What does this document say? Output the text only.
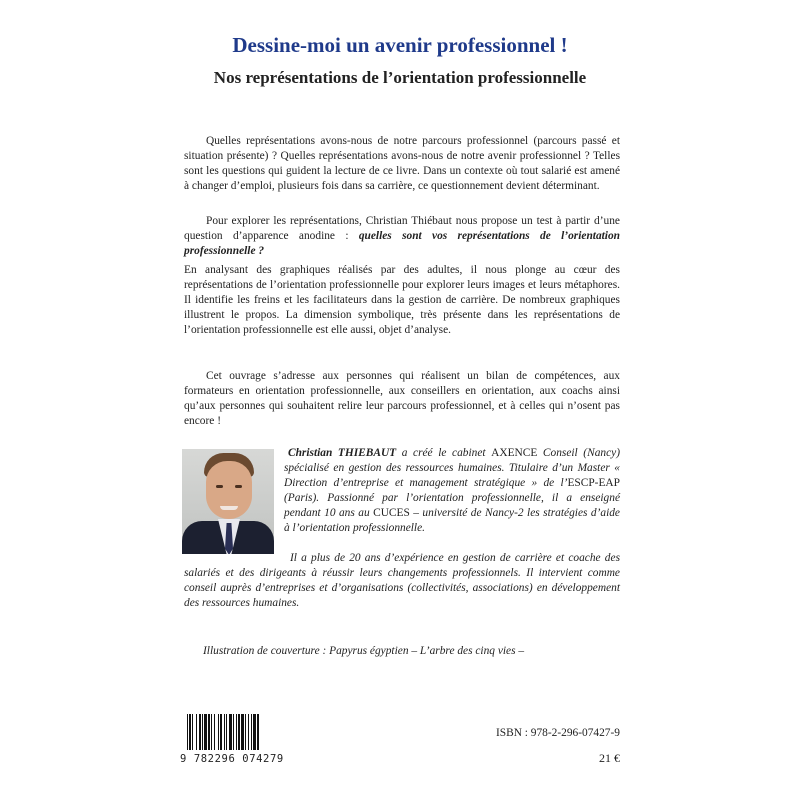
Dessine-moi un avenir professionnel !
Nos représentations de l’orientation professionnelle

Quelles représentations avons-nous de notre parcours professionnel (parcours passé et situation présente) ? Quelles représentations avons-nous de notre avenir professionnel ? Telles sont les questions qui guident la lecture de ce livre. Dans un contexte où tout salarié est amené à changer d’emploi, plusieurs fois dans sa carrière, ce questionnement devient déterminant.

Pour explorer les représentations, Christian Thiébaut nous propose un test à partir d’une question d’apparence anodine : quelles sont vos représentations de l’orientation professionnelle ?

En analysant des graphiques réalisés par des adultes, il nous plonge au cœur des représentations de l’orientation professionnelle pour explorer leurs images et leurs métaphores. Il identifie les freins et les facilitateurs dans la gestion de carrière. De nombreux graphiques illustrent le propos. La dimension symbolique, très présente dans les représentations de l’orientation professionnelle est elle aussi, objet d’analyse.

Cet ouvrage s’adresse aux personnes qui réalisent un bilan de compétences, aux formateurs en orientation professionnelle, aux conseillers en orientation, aux coachs ainsi qu’aux personnes qui souhaitent relire leur parcours professionnel, et à celles qui n’osent pas encore !

Christian THIEBAUT a créé le cabinet AXENCE Conseil (Nancy) spécialisé en gestion des ressources humaines. Titulaire d’un Master « Direction d’entreprise et management stratégique » de l’ESCP-EAP (Paris). Passionné par l’orientation professionnelle, il a enseigné pendant 10 ans au CUCES – université de Nancy-2 les stratégies d’aide à l’orientation professionnelle.

Il a plus de 20 ans d’expérience en gestion de carrière et coache des salariés et des dirigeants à réussir leurs changements professionnels. Il intervient comme conseil auprès d’entreprises et d’organisations (collectivités, associations) en développement des ressources humaines.

Illustration de couverture : Papyrus égyptien – L’arbre des cinq vies –

9 782296 074279

ISBN : 978-2-296-07427-9

21 €
